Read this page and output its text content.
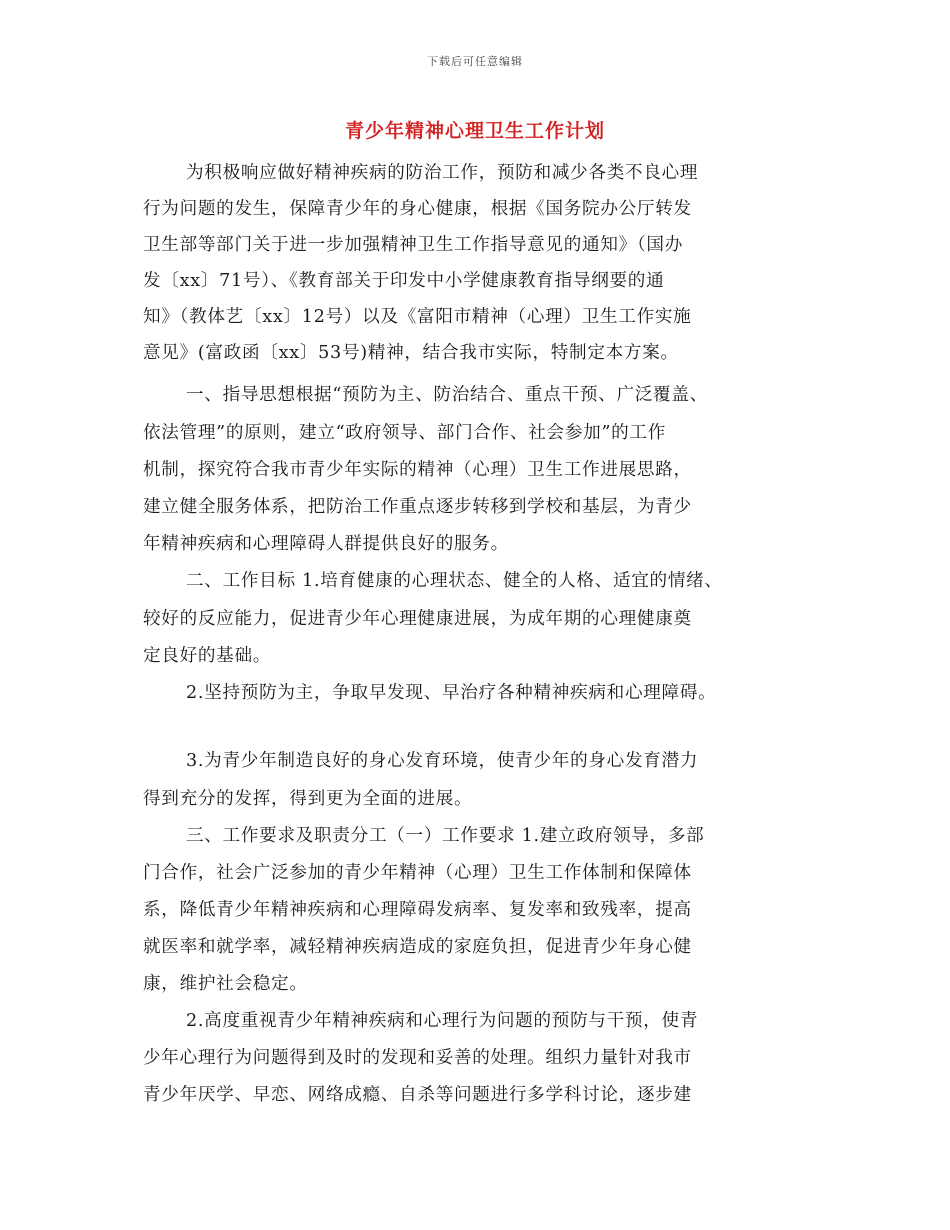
下载后可任意编辑
青少年精神心理卫生工作计划
为积极响应做好精神疾病的防治工作，预防和减少各类不良心理
行为问题的发生，保障青少年的身心健康，根据《国务院办公厅转发
卫生部等部门关于进一步加强精神卫生工作指导意见的通知》（国办
发〔xx〕71号）、《教育部关于印发中小学健康教育指导纲要的通
知》（教体艺〔xx〕12号）以及《富阳市精神（心理）卫生工作实施
意见》(富政函〔xx〕53号)精神，结合我市实际，特制定本方案。
一、指导思想根据“预防为主、防治结合、重点干预、广泛覆盖、
依法管理”的原则，建立“政府领导、部门合作、社会参加”的工作
机制，探究符合我市青少年实际的精神（心理）卫生工作进展思路，
建立健全服务体系，把防治工作重点逐步转移到学校和基层，为青少
年精神疾病和心理障碍人群提供良好的服务。
二、工作目标 1.培育健康的心理状态、健全的人格、适宜的情绪、
较好的反应能力，促进青少年心理健康进展，为成年期的心理健康奠
定良好的基础。
2.坚持预防为主，争取早发现、早治疗各种精神疾病和心理障碍。
3.为青少年制造良好的身心发育环境，使青少年的身心发育潜力
得到充分的发挥，得到更为全面的进展。
三、工作要求及职责分工（一）工作要求 1.建立政府领导，多部
门合作，社会广泛参加的青少年精神（心理）卫生工作体制和保障体
系，降低青少年精神疾病和心理障碍发病率、复发率和致残率，提高
就医率和就学率，减轻精神疾病造成的家庭负担，促进青少年身心健
康，维护社会稳定。
2.高度重视青少年精神疾病和心理行为问题的预防与干预，使青
少年心理行为问题得到及时的发现和妥善的处理。组织力量针对我市
青少年厌学、早恋、网络成瘾、自杀等问题进行多学科讨论，逐步建
